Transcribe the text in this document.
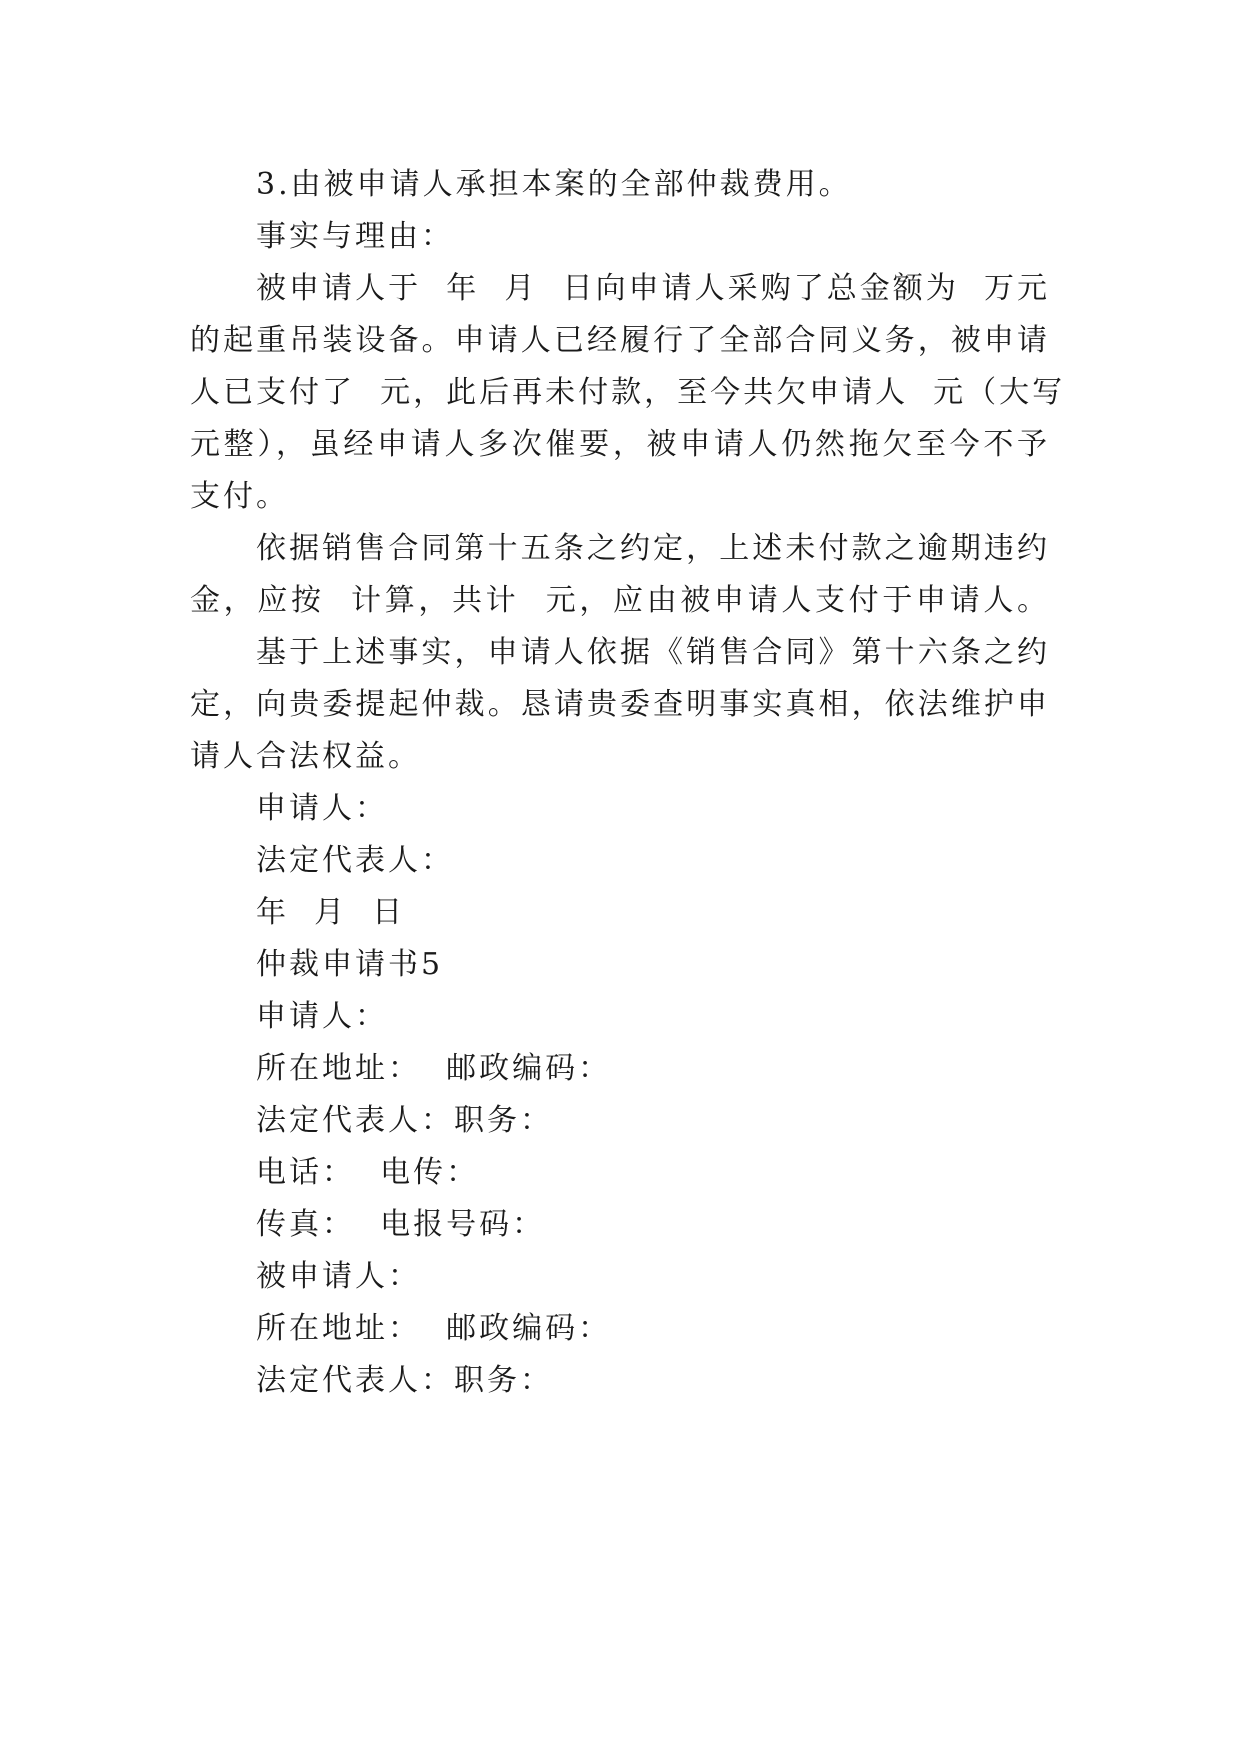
3.由被申请人承担本案的全部仲裁费用。
事实与理由：
被申请人于  年  月  日向申请人采购了总金额为  万元
的起重吊装设备。申请人已经履行了全部合同义务，被申请
人已支付了  元，此后再未付款，至今共欠申请人  元（大写
元整），虽经申请人多次催要，被申请人仍然拖欠至今不予
支付。
依据销售合同第十五条之约定，上述未付款之逾期违约
金，应按  计算，共计  元，应由被申请人支付于申请人。
基于上述事实，申请人依据《销售合同》第十六条之约
定，向贵委提起仲裁。恳请贵委查明事实真相，依法维护申
请人合法权益。
申请人：
法定代表人：
年  月  日
仲裁申请书5
申请人：
所在地址：  邮政编码：
法定代表人：职务：
电话：  电传：
传真：  电报号码：
被申请人：
所在地址：  邮政编码：
法定代表人：职务：
